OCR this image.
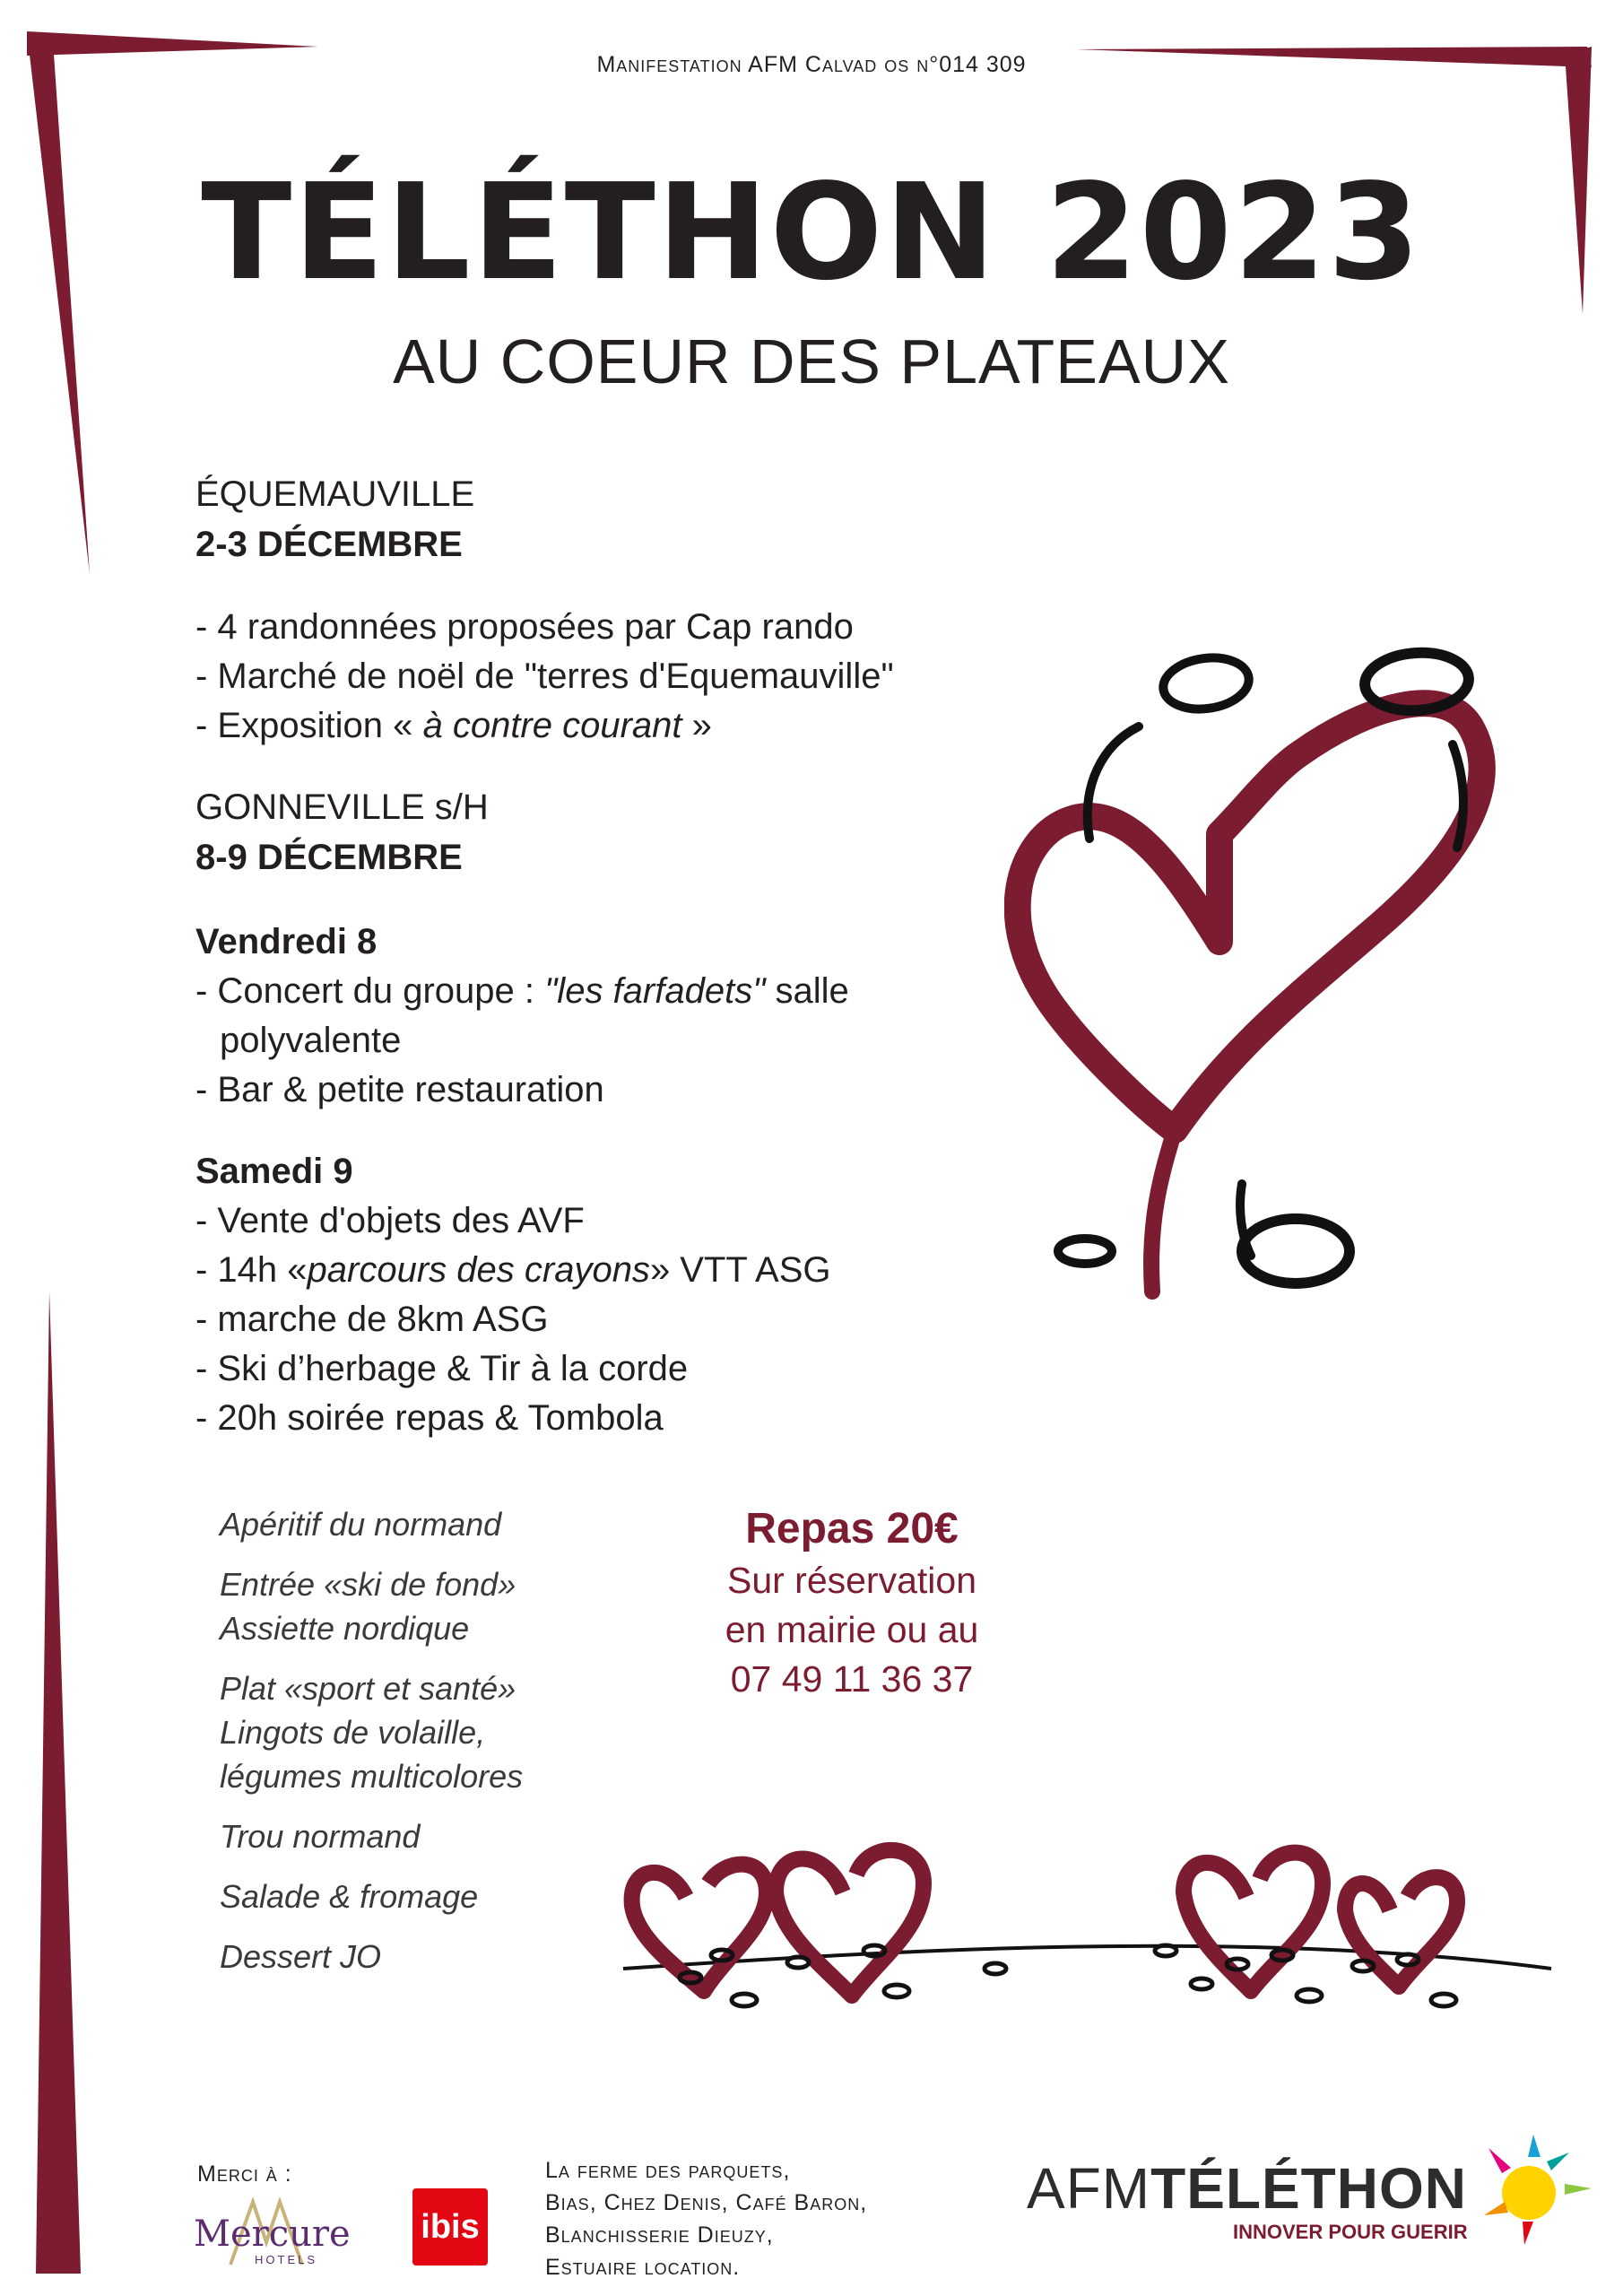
Manifestation AFM Calvad os n°014 309
TÉLÉTHON 2023
AU COEUR DES PLATEAUX
ÉQUEMAUVILLE
2-3 DÉCEMBRE
- 4 randonnées proposées par Cap rando
- Marché de noël de "terres d'Equemauville"
- Exposition « à contre courant »
GONNEVILLE s/H
8-9 DÉCEMBRE
Vendredi 8
- Concert du groupe : "les farfadets" salle polyvalente
- Bar & petite restauration
Samedi 9
- Vente d'objets des AVF
- 14h «parcours des crayons» VTT ASG
- marche de 8km ASG
- Ski d’herbage & Tir à la corde
- 20h soirée repas & Tombola
Apéritif du normand
Entrée «ski de fond» Assiette nordique
Plat «sport et santé» Lingots de volaille, légumes multicolores
Trou normand
Salade & fromage
Dessert JO
Repas 20€
Sur réservation
en mairie ou au
07 49 11 36 37
Merci à :
Mercure
HOTELS
ibis
La ferme des parquets,
Bias, Chez Denis, Café Baron,
Blanchisserie Dieuzy,
Estuaire location.
AFMTÉLÉTHON
INNOVER POUR GUERIR
